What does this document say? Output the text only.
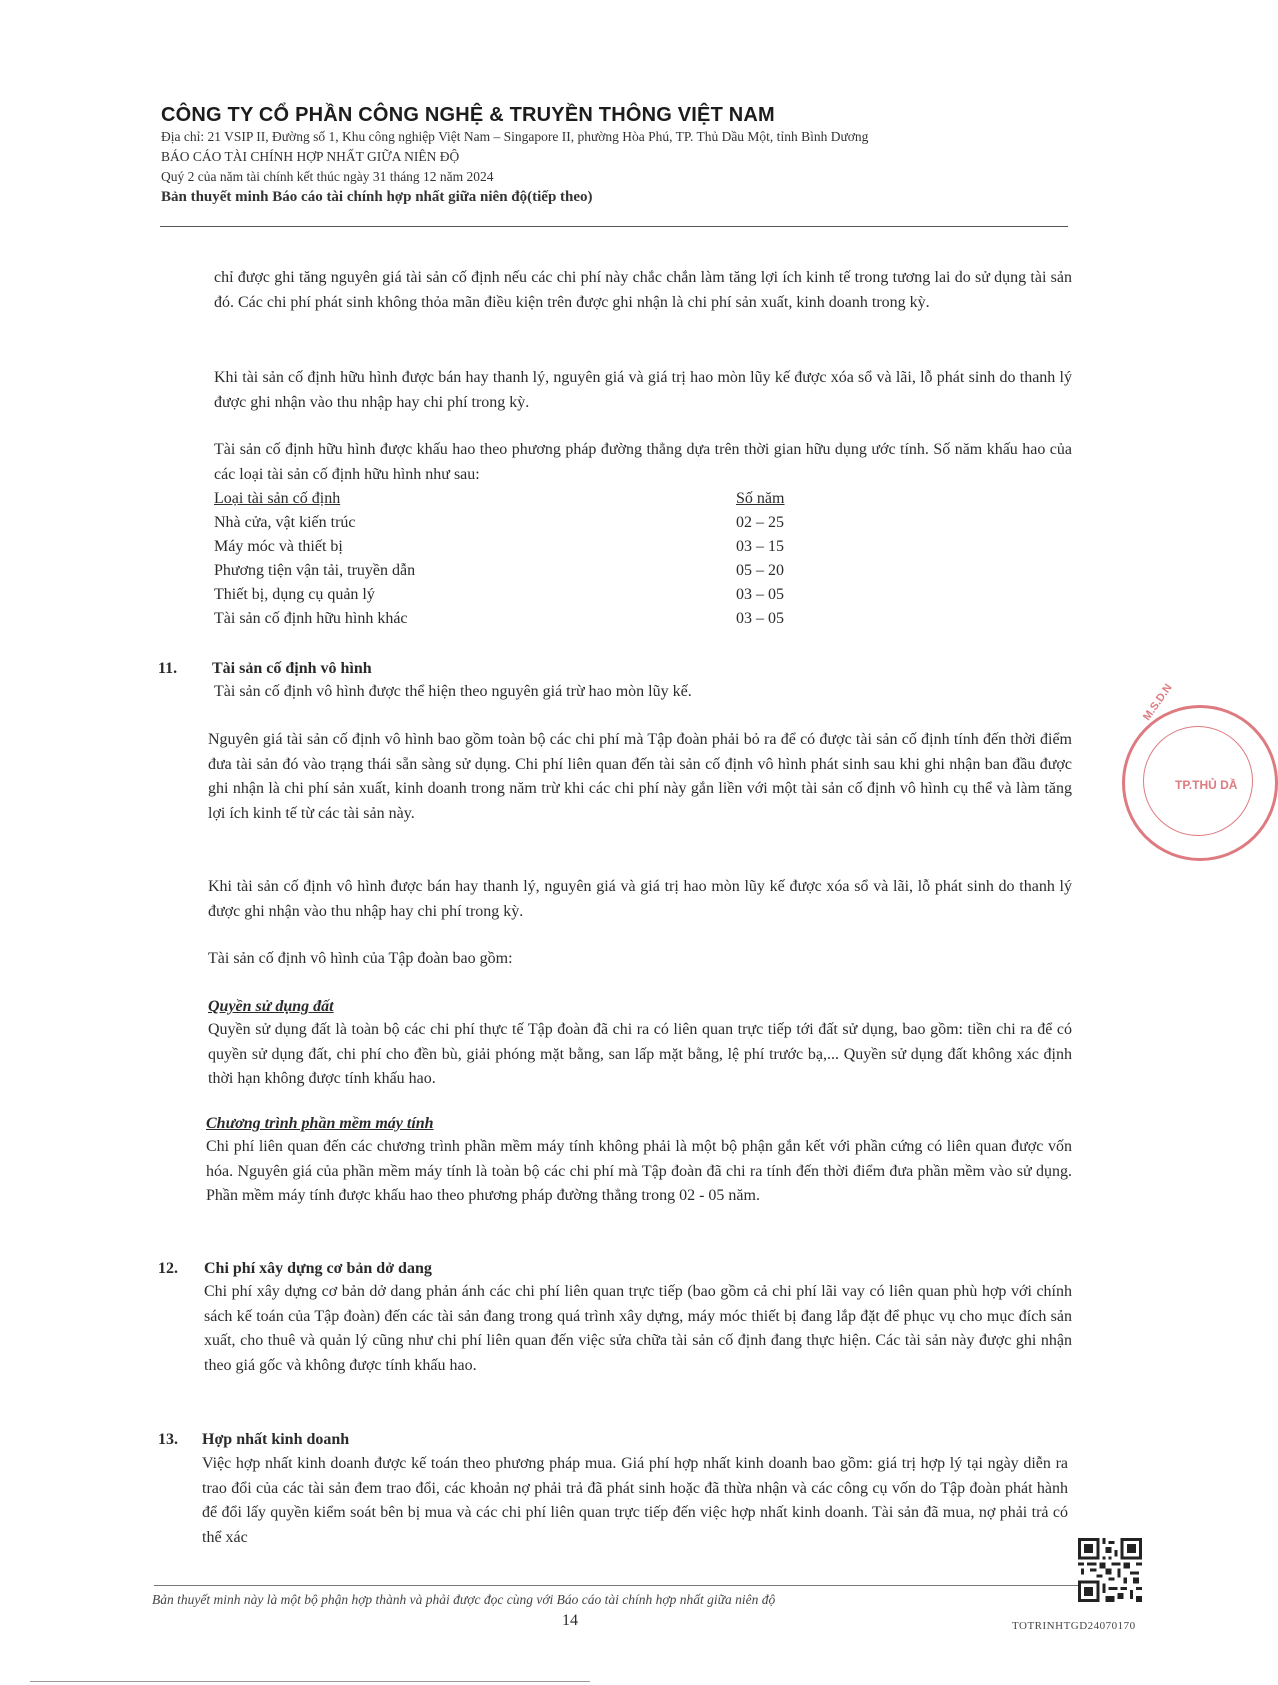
CÔNG TY CỔ PHẦN CÔNG NGHỆ & TRUYỀN THÔNG VIỆT NAM
Địa chỉ: 21 VSIP II, Đường số 1, Khu công nghiệp Việt Nam – Singapore II, phường Hòa Phú, TP. Thủ Dầu Một, tỉnh Bình Dương
BÁO CÁO TÀI CHÍNH HỢP NHẤT GIỮA NIÊN ĐỘ
Quý 2 của năm tài chính kết thúc ngày 31 tháng 12 năm 2024
Bản thuyết minh Báo cáo tài chính hợp nhất giữa niên độ(tiếp theo)
chỉ được ghi tăng nguyên giá tài sản cố định nếu các chi phí này chắc chắn làm tăng lợi ích kinh tế trong tương lai do sử dụng tài sản đó. Các chi phí phát sinh không thỏa mãn điều kiện trên được ghi nhận là chi phí sản xuất, kinh doanh trong kỳ.
Khi tài sản cố định hữu hình được bán hay thanh lý, nguyên giá và giá trị hao mòn lũy kế được xóa sổ và lãi, lỗ phát sinh do thanh lý được ghi nhận vào thu nhập hay chi phí trong kỳ.
Tài sản cố định hữu hình được khấu hao theo phương pháp đường thẳng dựa trên thời gian hữu dụng ước tính. Số năm khấu hao của các loại tài sản cố định hữu hình như sau:
Loại tài sản cố định	Số năm
Nhà cửa, vật kiến trúc	02 – 25
Máy móc và thiết bị	03 – 15
Phương tiện vận tải, truyền dẫn	05 – 20
Thiết bị, dụng cụ quản lý	03 – 05
Tài sản cố định hữu hình khác	03 – 05
11. Tài sản cố định vô hình
Tài sản cố định vô hình được thể hiện theo nguyên giá trừ hao mòn lũy kế.
Nguyên giá tài sản cố định vô hình bao gồm toàn bộ các chi phí mà Tập đoàn phải bỏ ra để có được tài sản cố định tính đến thời điểm đưa tài sản đó vào trạng thái sẵn sàng sử dụng. Chi phí liên quan đến tài sản cố định vô hình phát sinh sau khi ghi nhận ban đầu được ghi nhận là chi phí sản xuất, kinh doanh trong năm trừ khi các chi phí này gắn liền với một tài sản cố định vô hình cụ thể và làm tăng lợi ích kinh tế từ các tài sản này.
Khi tài sản cố định vô hình được bán hay thanh lý, nguyên giá và giá trị hao mòn lũy kế được xóa sổ và lãi, lỗ phát sinh do thanh lý được ghi nhận vào thu nhập hay chi phí trong kỳ.
Tài sản cố định vô hình của Tập đoàn bao gồm:
Quyền sử dụng đất
Quyền sử dụng đất là toàn bộ các chi phí thực tế Tập đoàn đã chi ra có liên quan trực tiếp tới đất sử dụng, bao gồm: tiền chi ra để có quyền sử dụng đất, chi phí cho đền bù, giải phóng mặt bằng, san lấp mặt bằng, lệ phí trước bạ,... Quyền sử dụng đất không xác định thời hạn không được tính khấu hao.
Chương trình phần mềm máy tính
Chi phí liên quan đến các chương trình phần mềm máy tính không phải là một bộ phận gắn kết với phần cứng có liên quan được vốn hóa. Nguyên giá của phần mềm máy tính là toàn bộ các chi phí mà Tập đoàn đã chi ra tính đến thời điểm đưa phần mềm vào sử dụng. Phần mềm máy tính được khấu hao theo phương pháp đường thẳng trong 02 - 05 năm.
12. Chi phí xây dựng cơ bản dở dang
Chi phí xây dựng cơ bản dở dang phản ánh các chi phí liên quan trực tiếp (bao gồm cả chi phí lãi vay có liên quan phù hợp với chính sách kế toán của Tập đoàn) đến các tài sản đang trong quá trình xây dựng, máy móc thiết bị đang lắp đặt để phục vụ cho mục đích sản xuất, cho thuê và quản lý cũng như chi phí liên quan đến việc sửa chữa tài sản cố định đang thực hiện. Các tài sản này được ghi nhận theo giá gốc và không được tính khấu hao.
13. Hợp nhất kinh doanh
Việc hợp nhất kinh doanh được kế toán theo phương pháp mua. Giá phí hợp nhất kinh doanh bao gồm: giá trị hợp lý tại ngày diễn ra trao đổi của các tài sản đem trao đổi, các khoản nợ phải trả đã phát sinh hoặc đã thừa nhận và các công cụ vốn do Tập đoàn phát hành để đổi lấy quyền kiểm soát bên bị mua và các chi phí liên quan trực tiếp đến việc hợp nhất kinh doanh. Tài sản đã mua, nợ phải trả có thể xác
Bản thuyết minh này là một bộ phận hợp thành và phải được đọc cùng với Báo cáo tài chính hợp nhất giữa niên độ
14	TOTRINHTGD24070170
M.S.D.N
TP.THỦ DẦ
